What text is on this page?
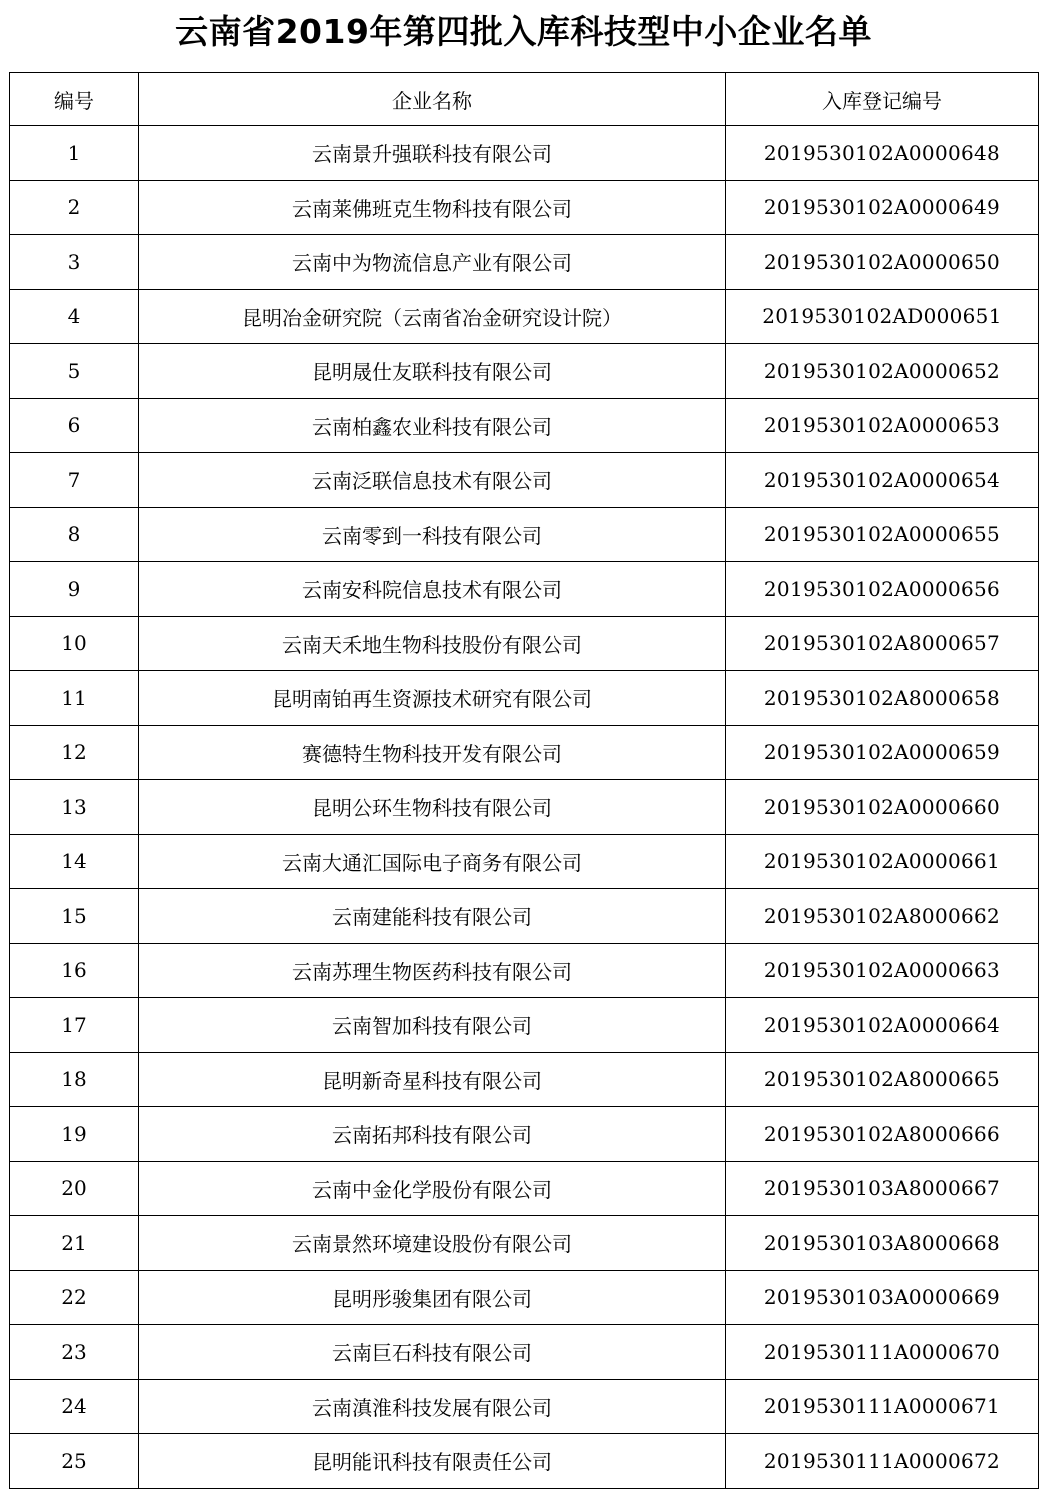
云南省2019年第四批入库科技型中小企业名单
编号	企业名称	入库登记编号
1	云南景升强联科技有限公司	2019530102A0000648
2	云南莱佛班克生物科技有限公司	2019530102A0000649
3	云南中为物流信息产业有限公司	2019530102A0000650
4	昆明冶金研究院（云南省冶金研究设计院）	2019530102AD000651
5	昆明晟仕友联科技有限公司	2019530102A0000652
6	云南柏鑫农业科技有限公司	2019530102A0000653
7	云南泛联信息技术有限公司	2019530102A0000654
8	云南零到一科技有限公司	2019530102A0000655
9	云南安科院信息技术有限公司	2019530102A0000656
10	云南天禾地生物科技股份有限公司	2019530102A8000657
11	昆明南铂再生资源技术研究有限公司	2019530102A8000658
12	赛德特生物科技开发有限公司	2019530102A0000659
13	昆明公环生物科技有限公司	2019530102A0000660
14	云南大通汇国际电子商务有限公司	2019530102A0000661
15	云南建能科技有限公司	2019530102A8000662
16	云南苏理生物医药科技有限公司	2019530102A0000663
17	云南智加科技有限公司	2019530102A0000664
18	昆明新奇星科技有限公司	2019530102A8000665
19	云南拓邦科技有限公司	2019530102A8000666
20	云南中金化学股份有限公司	2019530103A8000667
21	云南景然环境建设股份有限公司	2019530103A8000668
22	昆明彤骏集团有限公司	2019530103A0000669
23	云南巨石科技有限公司	2019530111A0000670
24	云南滇淮科技发展有限公司	2019530111A0000671
25	昆明能讯科技有限责任公司	2019530111A0000672
